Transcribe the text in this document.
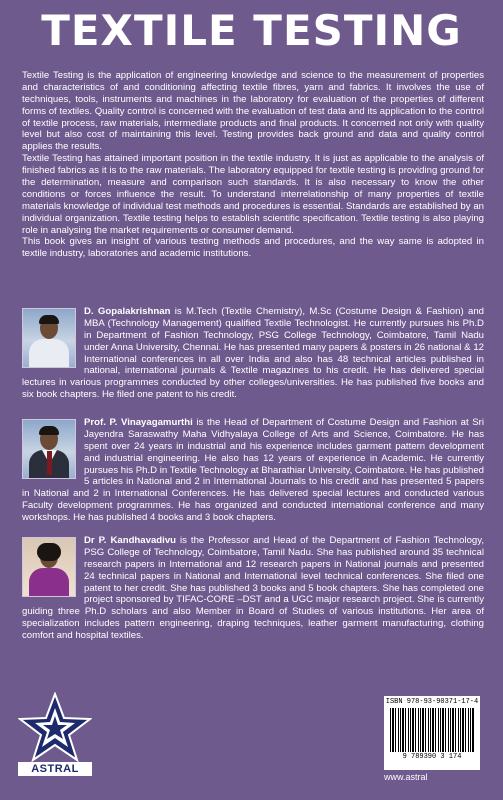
TEXTILE TESTING

Textile Testing is the application of engineering knowledge and science to the measurement of properties and characteristics of and conditioning affecting textile fibres, yarn and fabrics. It involves the use of techniques, tools, instruments and machines in the laboratory for evaluation of the properties of different forms of textiles. Quality control is concerned with the evaluation of test data and its application to the control of textile process, raw materials, intermediate products and final products. It concerned not only with quality level but also cost of maintaining this level. Testing provides back ground and data and quality control applies the results.

Textile Testing has attained important position in the textile industry. It is just as applicable to the analysis of finished fabrics as it is to the raw materials. The laboratory equipped for textile testing is providing ground for the determination, measure and comparison such standards. It is also necessary to know the other conditions or forces influence the result. To understand interrelationship of many properties of textile materials knowledge of individual test methods and procedures is essential. Standards are established by an individual organization. Textile testing helps to establish scientific specification. Textile testing is also playing role in analysing the market requirements or consumer demand.

This book gives an insight of various testing methods and procedures, and the way same is adopted in textile industry, laboratories and academic institutions.

D. Gopalakrishnan is M.Tech (Textile Chemistry), M.Sc (Costume Design & Fashion) and MBA (Technology Management) qualified Textile Technologist. He currently pursues his Ph.D in Department of Fashion Technology, PSG College Technology, Coimbatore, Tamil Nadu under Anna University, Chennai. He has presented many papers & posters in 26 national & 12 International conferences in all over India and also has 48 technical articles published in national, international journals & Textile magazines to his credit. He has delivered special lectures in various programmes conducted by other colleges/universities. He has published five books and six book chapters. He filed one patent to his credit.
Prof. P. Vinayagamurthi is the Head of Department of Costume Design and Fashion at Sri Jayendra Saraswathy Maha Vidhyalaya College of Arts and Science, Coimbatore. He has spent over 24 years in industrial and his experience includes garment pattern development and industrial engineering. He also has 12 years of experience in Academic. He currently pursues his Ph.D in Textile Technology at Bharathiar University, Coimbatore. He has published 5 articles in National and 2 in International Journals to his credit and has presented 5 papers in National and 2 in International Conferences. He has delivered special lectures and conducted various Faculty development programmes. He has organized and conducted international conference and many workshops. He has published 4 books and 3 book chapters.
Dr P. Kandhavadivu is the Professor and Head of the Department of Fashion Technology, PSG College of Technology, Coimbatore, Tamil Nadu. She has published around 35 technical research papers in International and 12 research papers in National journals and presented 24 technical papers in National and International level technical conferences. She filed one patent to her credit. She has published 3 books and 5 book chapters. She has completed one project sponsored by TIFAC-CORE –DST and a UGC major research project. She is currently guiding three Ph.D scholars and also Member in Board of Studies of various institutions. Her area of specialization includes pattern engineering, draping techniques, leather garment manufacturing, clothing comfort and hospital textiles.
ASTRAL
ISBN 978-93-90371-17-4
9 789390 3 174
www.astral
